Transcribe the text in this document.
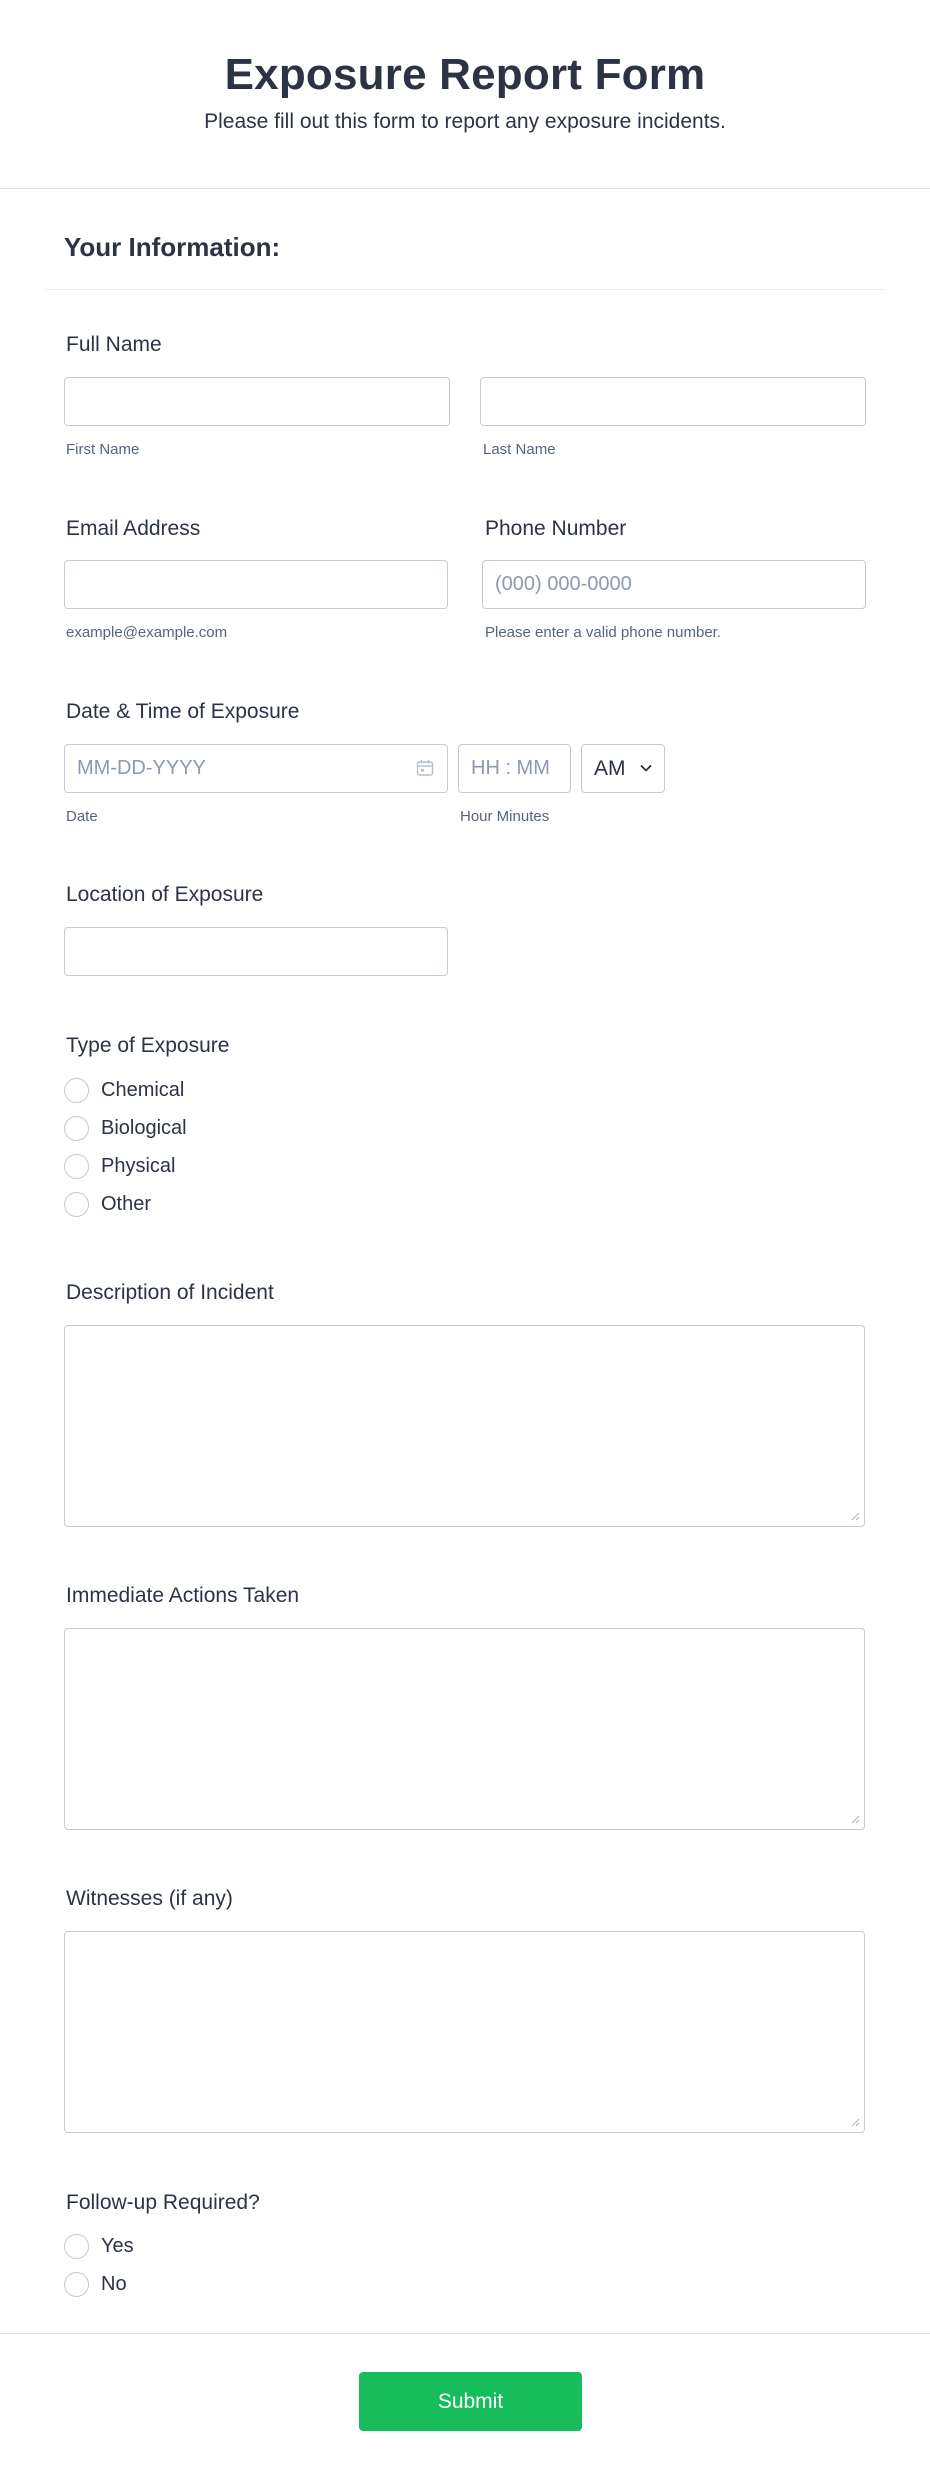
Exposure Report Form

Please fill out this form to report any exposure incidents.

Your Information:
Full Name
First Name	Last Name
Email Address	Phone Number
(000) 000-0000
example@example.com	Please enter a valid phone number.
Date & Time of Exposure
MM-DD-YYYY
HH : MM
AM
Date	Hour Minutes
Location of Exposure
Type of Exposure
Chemical
Biological
Physical
Other
Description of Incident
Immediate Actions Taken
Witnesses (if any)
Follow-up Required?
Yes
No
Submit
